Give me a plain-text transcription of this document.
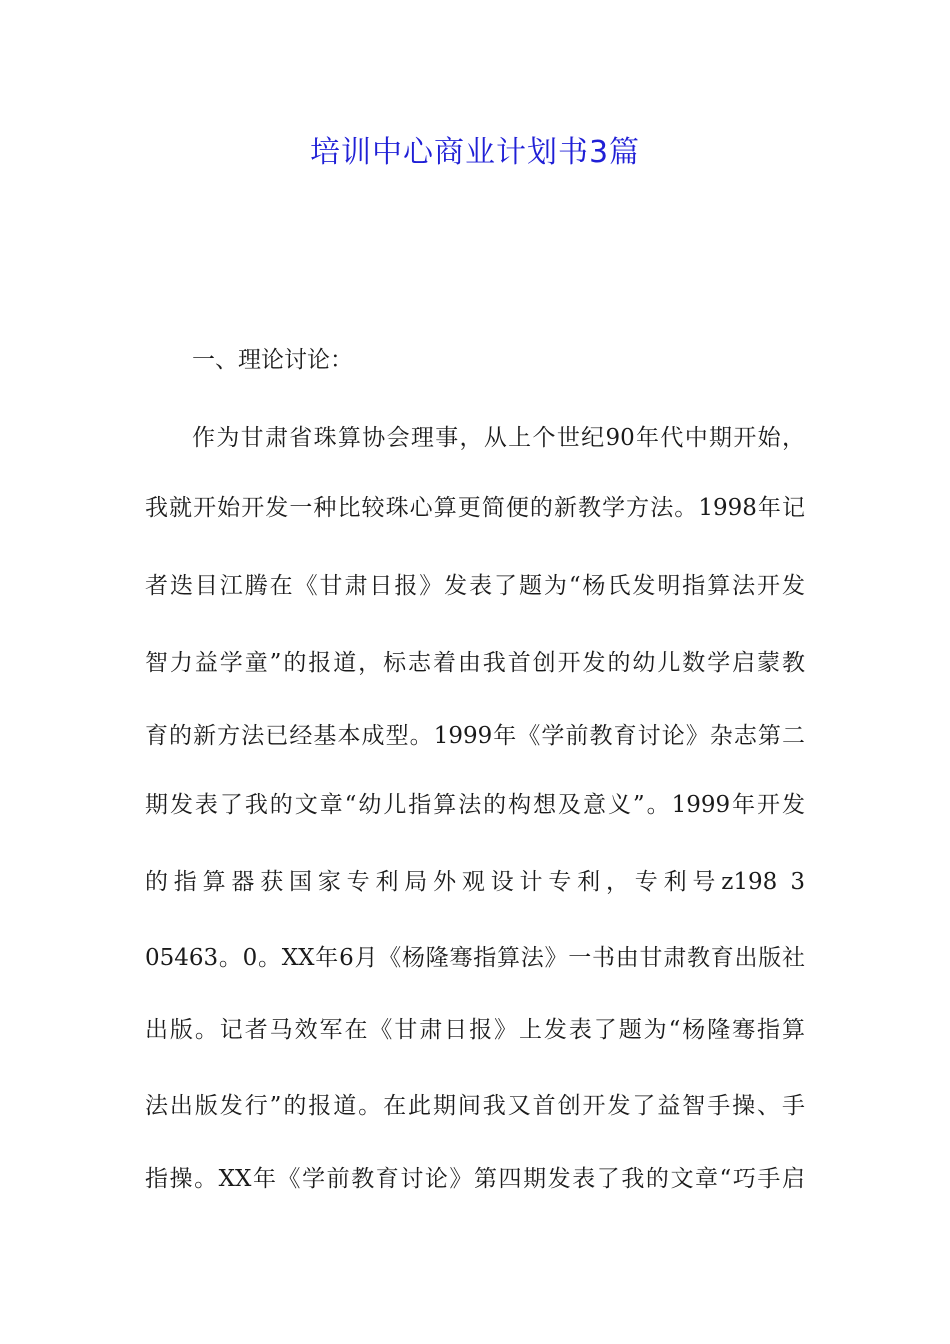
培训中心商业计划书3篇
一、理论讨论：
作为甘肃省珠算协会理事，从上个世纪90年代中期开始，
我就开始开发一种比较珠心算更简便的新教学方法。1998年记
者迭目江腾在《甘肃日报》发表了题为“杨氏发明指算法开发
智力益学童”的报道，标志着由我首创开发的幼儿数学启蒙教
育的新方法已经基本成型。1999年《学前教育讨论》杂志第二
期发表了我的文章“幼儿指算法的构想及意义”。1999年开发
的指算器获国家专利局外观设计专利，专利号z198 3
05463。0。XX年6月《杨隆骞指算法》一书由甘肃教育出版社
出版。记者马效军在《甘肃日报》上发表了题为“杨隆骞指算
法出版发行”的报道。在此期间我又首创开发了益智手操、手
指操。XX年《学前教育讨论》第四期发表了我的文章“巧手启
